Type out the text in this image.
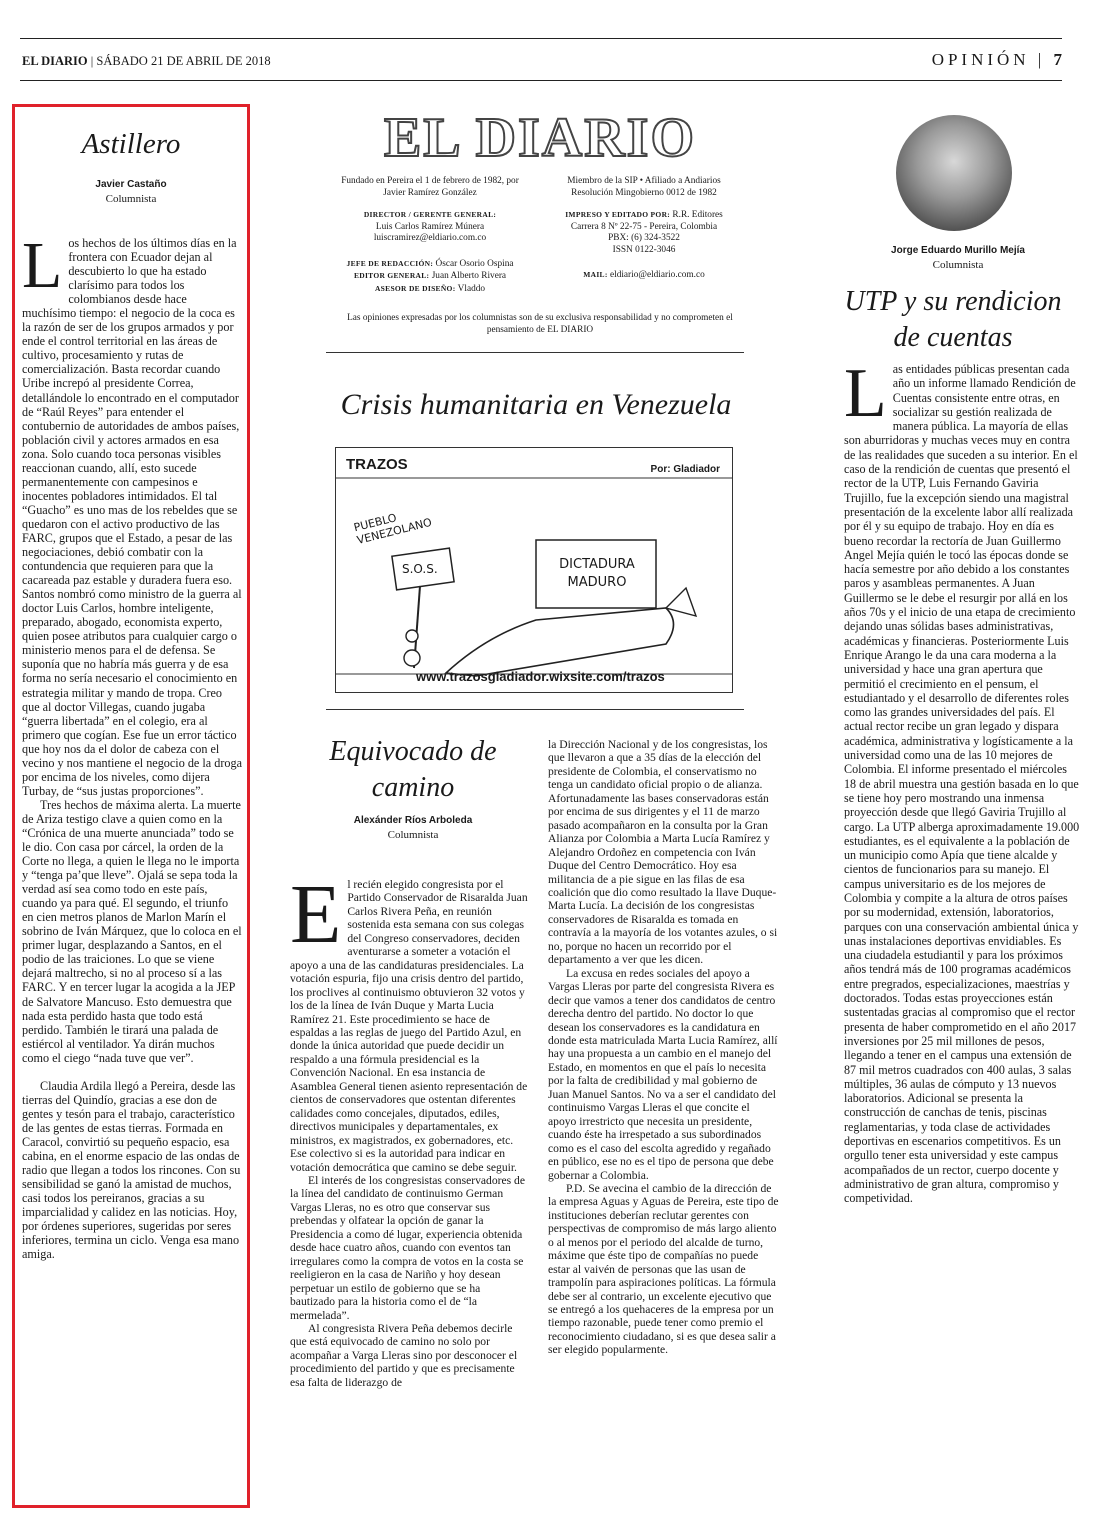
EL DIARIO | SÁBADO 21 DE ABRIL DE 2018	OPINIÓN | 7
Astillero
Javier Castaño
Columnista
L os hechos de los últimos días en la frontera con Ecuador dejan al descubierto lo que ha estado clarísimo para todos los colombianos desde hace muchísimo tiempo: el negocio de la coca es la razón de ser de los grupos armados y por ende el control territorial en las áreas de cultivo, procesamiento y rutas de comercialización. Basta recordar cuando Uribe increpó al presidente Correa, detallándole lo encontrado en el computador de “Raúl Reyes” para entender el contubernio de autoridades de ambos países, población civil y actores armados en esa zona. Solo cuando toca personas visibles reaccionan cuando, allí, esto sucede permanentemente con campesinos e inocentes pobladores intimidados. El tal “Guacho” es uno mas de los rebeldes que se quedaron con el activo productivo de las FARC, grupos que el Estado, a pesar de las negociaciones, debió combatir con la contundencia que requieren para que la cacareada paz estable y duradera fuera eso. Santos nombró como ministro de la guerra al doctor Luis Carlos, hombre inteligente, preparado, abogado, economista experto, quien posee atributos para cualquier cargo o ministerio menos para el de defensa. Se suponía que no habría más guerra y de esa forma no sería necesario el conocimiento en estrategia militar y mando de tropa. Creo que al doctor Villegas, cuando jugaba “guerra libertada” en el colegio, era al primero que cogían. Ese fue un error táctico que hoy nos da el dolor de cabeza con el vecino y nos mantiene el negocio de la droga por encima de los niveles, como dijera Turbay, de “sus justas proporciones”.

Tres hechos de máxima alerta. La muerte de Ariza testigo clave a quien como en la “Crónica de una muerte anunciada” todo se le dio. Con casa por cárcel, la orden de la Corte no llega, a quien le llega no le importa y “tenga pa’que lleve”. Ojalá se sepa toda la verdad así sea como todo en este país, cuando ya para qué. El segundo, el triunfo en cien metros planos de Marlon Marín el sobrino de Iván Márquez, que lo coloca en el primer lugar, desplazando a Santos, en el podio de las traiciones. Lo que se viene dejará maltrecho, si no al proceso sí a las FARC. Y en tercer lugar la acogida a la JEP de Salvatore Mancuso. Esto demuestra que nada esta perdido hasta que todo está perdido. También le tirará una palada de estiércol al ventilador. Ya dirán muchos como el ciego “nada tuve que ver”.

Claudia Ardila llegó a Pereira, desde las tierras del Quindío, gracias a ese don de gentes y tesón para el trabajo, característico de las gentes de estas tierras. Formada en Caracol, convirtió su pequeño espacio, esa cabina, en el enorme espacio de las ondas de radio que llegan a todos los rincones. Con su sensibilidad se ganó la amistad de muchos, casi todos los pereiranos, gracias a su imparcialidad y calidez en las noticias. Hoy, por órdenes superiores, sugeridas por seres inferiores, termina un ciclo. Venga esa mano amiga.

EL DIARIO
Fundado en Pereira el 1 de febrero de 1982, por Javier Ramírez González
DIRECTOR / GERENTE GENERAL:
Luis Carlos Ramírez Múnera
luiscramirez@eldiario.com.co
JEFE DE REDACCIÓN: Óscar Osorio Ospina
EDITOR GENERAL: Juan Alberto Rivera
ASESOR DE DISEÑO: Vladdo
Miembro de la SIP • Afiliado a Andiarios Resolución Mingobierno 0012 de 1982
IMPRESO Y EDITADO POR: R.R. Editores
Carrera 8 Nº 22-75 - Pereira, Colombia
PBX: (6) 324-3522
ISSN 0122-3046
MAIL: eldiario@eldiario.com.co
Las opiniones expresadas por los columnistas son de su exclusiva responsabilidad y no comprometen el pensamiento de EL DIARIO
Crisis humanitaria en Venezuela
TRAZOS	Por: Gladiador
PUEBLO VENEZOLANO
S.O.S.	DICTADURA MADURO
www.trazosgladiador.wixsite.com/trazos
Equivocado de camino
Alexánder Ríos Arboleda
Columnista
E l recién elegido congresista por el Partido Conservador de Risaralda Juan Carlos Rivera Peña, en reunión sostenida esta semana con sus colegas del Congreso conservadores, deciden aventurarse a someter a votación el apoyo a una de las candidaturas presidenciales. La votación espuria, fijo una crisis dentro del partido, los proclives al continuismo obtuvieron 32 votos y los de la línea de Iván Duque y Marta Lucia Ramírez 21. Este procedimiento se hace de espaldas a las reglas de juego del Partido Azul, en donde la única autoridad que puede decidir un respaldo a una fórmula presidencial es la Convención Nacional. En esa instancia de Asamblea General tienen asiento representación de cientos de conservadores que ostentan diferentes calidades como concejales, diputados, ediles, directivos municipales y departamentales, ex ministros, ex magistrados, ex gobernadores, etc. Ese colectivo si es la autoridad para indicar en votación democrática que camino se debe seguir.

El interés de los congresistas conservadores de la línea del candidato de continuismo German Vargas Lleras, no es otro que conservar sus prebendas y olfatear la opción de ganar la Presidencia a como dé lugar, experiencia obtenida desde hace cuatro años, cuando con eventos tan irregulares como la compra de votos en la costa se reeligieron en la casa de Nariño y hoy desean perpetuar un estilo de gobierno que se ha bautizado para la historia como el de “la mermelada”.

Al congresista Rivera Peña debemos decirle que está equivocado de camino no solo por acompañar a Varga Lleras sino por desconocer el procedimiento del partido y que es precisamente esa falta de liderazgo de

la Dirección Nacional y de los congresistas, los que llevaron a que a 35 días de la elección del presidente de Colombia, el conservatismo no tenga un candidato oficial propio o de alianza. Afortunadamente las bases conservadoras están por encima de sus dirigentes y el 11 de marzo pasado acompañaron en la consulta por la Gran Alianza por Colombia a Marta Lucía Ramírez y Alejandro Ordoñez en competencia con Iván Duque del Centro Democrático. Hoy esa militancia de a pie sigue en las filas de esa coalición que dio como resultado la llave Duque-Marta Lucía. La decisión de los congresistas conservadores de Risaralda es tomada en contravía a la mayoría de los votantes azules, o si no, porque no hacen un recorrido por el departamento a ver que les dicen.

La excusa en redes sociales del apoyo a Vargas Lleras por parte del congresista Rivera es decir que vamos a tener dos candidatos de centro derecha dentro del partido. No doctor lo que desean los conservadores es la candidatura en donde esta matriculada Marta Lucia Ramírez, allí hay una propuesta a un cambio en el manejo del Estado, en momentos en que el país lo necesita por la falta de credibilidad y mal gobierno de Juan Manuel Santos. No va a ser el candidato del continuismo Vargas Lleras el que concite el apoyo irrestricto que necesita un presidente, cuando éste ha irrespetado a sus subordinados como es el caso del escolta agredido y regañado en público, ese no es el tipo de persona que debe gobernar a Colombia.

P.D. Se avecina el cambio de la dirección de la empresa Aguas y Aguas de Pereira, este tipo de instituciones deberían reclutar gerentes con perspectivas de compromiso de más largo aliento o al menos por el periodo del alcalde de turno, máxime que éste tipo de compañías no puede estar al vaivén de personas que las usan de trampolín para aspiraciones políticas. La fórmula debe ser al contrario, un excelente ejecutivo que se entregó a los quehaceres de la empresa por un tiempo razonable, puede tener como premio el reconocimiento ciudadano, si es que desea salir a ser elegido popularmente.

Jorge Eduardo Murillo Mejía
Columnista
UTP y su rendicion de cuentas
L as entidades públicas presentan cada año un informe llamado Rendición de Cuentas consistente entre otras, en socializar su gestión realizada de manera pública. La mayoría de ellas son aburridoras y muchas veces muy en contra de las realidades que suceden a su interior. En el caso de la rendición de cuentas que presentó el rector de la UTP, Luis Fernando Gaviria Trujillo, fue la excepción siendo una magistral presentación de la excelente labor allí realizada por él y su equipo de trabajo. Hoy en día es bueno recordar la rectoría de Juan Guillermo Angel Mejía quién le tocó las épocas donde se hacía semestre por año debido a los constantes paros y asambleas permanentes. A Juan Guillermo se le debe el resurgir por allá en los años 70s y el inicio de una etapa de crecimiento dejando unas sólidas bases administrativas, académicas y financieras. Posteriormente Luis Enrique Arango le da una cara moderna a la universidad y hace una gran apertura que permitió el crecimiento en el pensum, el estudiantado y el desarrollo de diferentes roles como las grandes universidades del país. El actual rector recibe un gran legado y dispara académica, administrativa y logísticamente a la universidad como una de las 10 mejores de Colombia. El informe presentado el miércoles 18 de abril muestra una gestión basada en lo que se tiene hoy pero mostrando una inmensa proyección desde que llegó Gaviria Trujillo al cargo. La UTP alberga aproximadamente 19.000 estudiantes, es el equivalente a la población de un municipio como Apía que tiene alcalde y cientos de funcionarios para su manejo. El campus universitario es de los mejores de Colombia y compite a la altura de otros países por su modernidad, extensión, laboratorios, parques con una conservación ambiental única y unas instalaciones deportivas envidiables. Es una ciudadela estudiantil y para los próximos años tendrá más de 100 programas académicos entre pregrados, especializaciones, maestrías y doctorados. Todas estas proyecciones están sustentadas gracias al compromiso que el rector presenta de haber comprometido en el año 2017 inversiones por 25 mil millones de pesos, llegando a tener en el campus una extensión de 87 mil metros cuadrados con 400 aulas, 3 salas múltiples, 36 aulas de cómputo y 13 nuevos laboratorios. Adicional se presenta la construcción de canchas de tenis, piscinas reglamentarias, y toda clase de actividades deportivas en escenarios competitivos. Es un orgullo tener esta universidad y este campus acompañados de un rector, cuerpo docente y administrativo de gran altura, compromiso y competividad.
